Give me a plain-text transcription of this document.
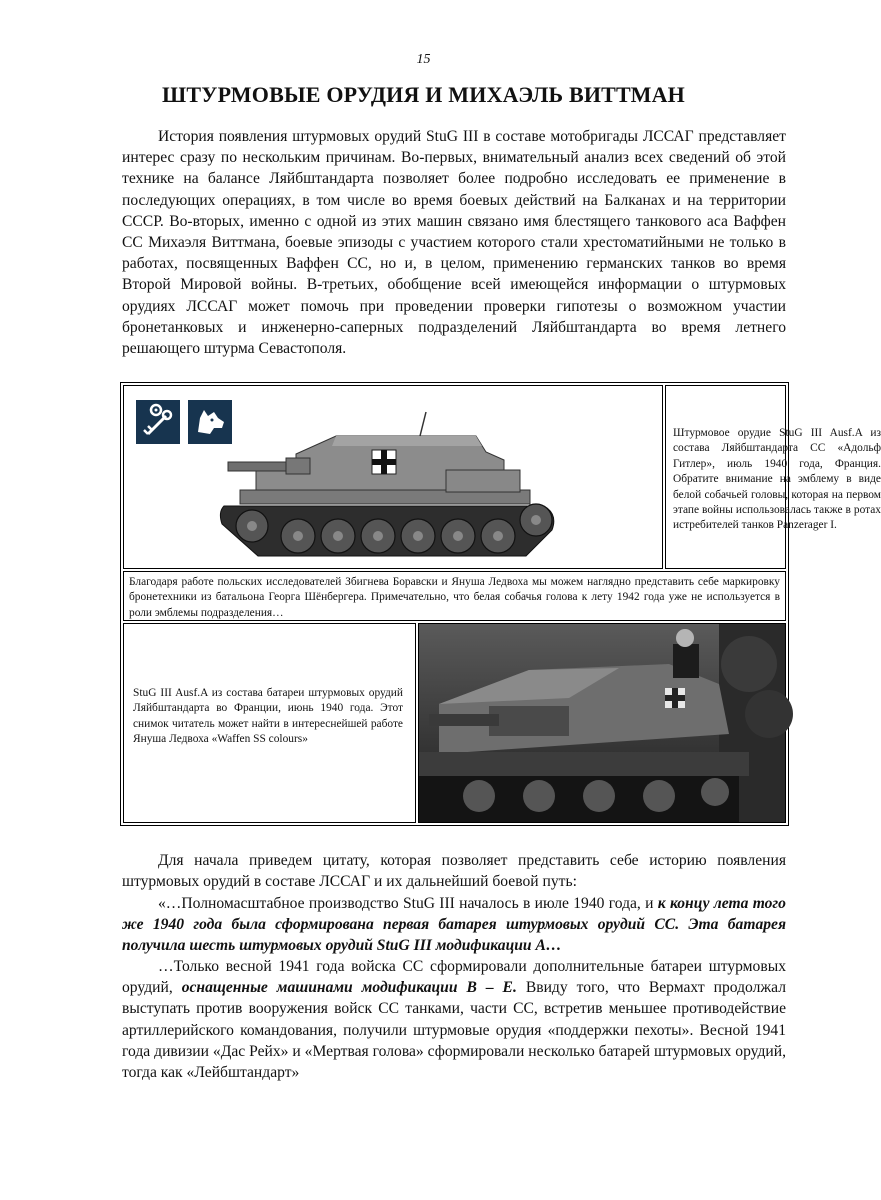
15
ШТУРМОВЫЕ ОРУДИЯ И МИХАЭЛЬ ВИТТМАН

История появления штурмовых орудий StuG III в составе мотобригады ЛССАГ представляет интерес сразу по нескольким причинам. Во-первых, внимательный анализ всех сведений об этой технике на балансе Ляйбштандарта позволяет более подробно исследовать ее применение в последующих операциях, в том числе во время боевых действий на Балканах и на территории СССР. Во-вторых, именно с одной из этих машин связано имя блестящего танкового аса Ваффен СС Михаэля Виттмана, боевые эпизоды с участием которого стали хрестоматийными не только в работах, посвященных Ваффен СС, но и, в целом, применению германских танков во время Второй Мировой войны. В-третьих, обобщение всей имеющейся информации о штурмовых орудиях ЛССАГ может помочь при проведении проверки гипотезы о возможном участии бронетанковых и инженерно-саперных подразделений Ляйбштандарта во время летнего решающего штурма Севастополя.

Штурмовое орудие StuG III Ausf.A из состава Ляйбштандарта СС «Адольф Гитлер», июль 1940 года, Франция. Обратите внимание на эмблему в виде белой собачьей головы, которая на первом этапе войны использовалась также в ротах истребителей танков Panzerager I.

Благодаря работе польских исследователей Збигнева Боравски и Януша Ледвоха мы можем наглядно представить себе маркировку бронетехники из батальона Георга Шёнбергера. Примечательно, что белая собачья голова к лету 1942 года уже не используется в роли эмблемы подразделения…

StuG III Ausf.A из состава батареи штурмовых орудий Ляйбштандарта во Франции, июнь 1940 года. Этот снимок читатель может найти в интереснейшей работе Януша Ледвоха «Waffen SS colours»

Для начала приведем цитату, которая позволяет представить себе историю появления штурмовых орудий в составе ЛССАГ и их дальнейший боевой путь:

«…Полномасштабное производство StuG III началось в июле 1940 года, и к концу лета того же 1940 года была сформирована первая батарея штурмовых орудий СС. Эта батарея получила шесть штурмовых орудий StuG III модификации А…

…Только весной 1941 года войска СС сформировали дополнительные батареи штурмовых орудий, оснащенные машинами модификации В – Е. Ввиду того, что Вермахт продолжал выступать против вооружения войск СС танками, части СС, встретив меньшее противодействие артиллерийского командования, получили штурмовые орудия «поддержки пехоты». Весной 1941 года дивизии «Дас Рейх» и «Мертвая голова» сформировали несколько батарей штурмовых орудий, тогда как «Лейбштандарт»
